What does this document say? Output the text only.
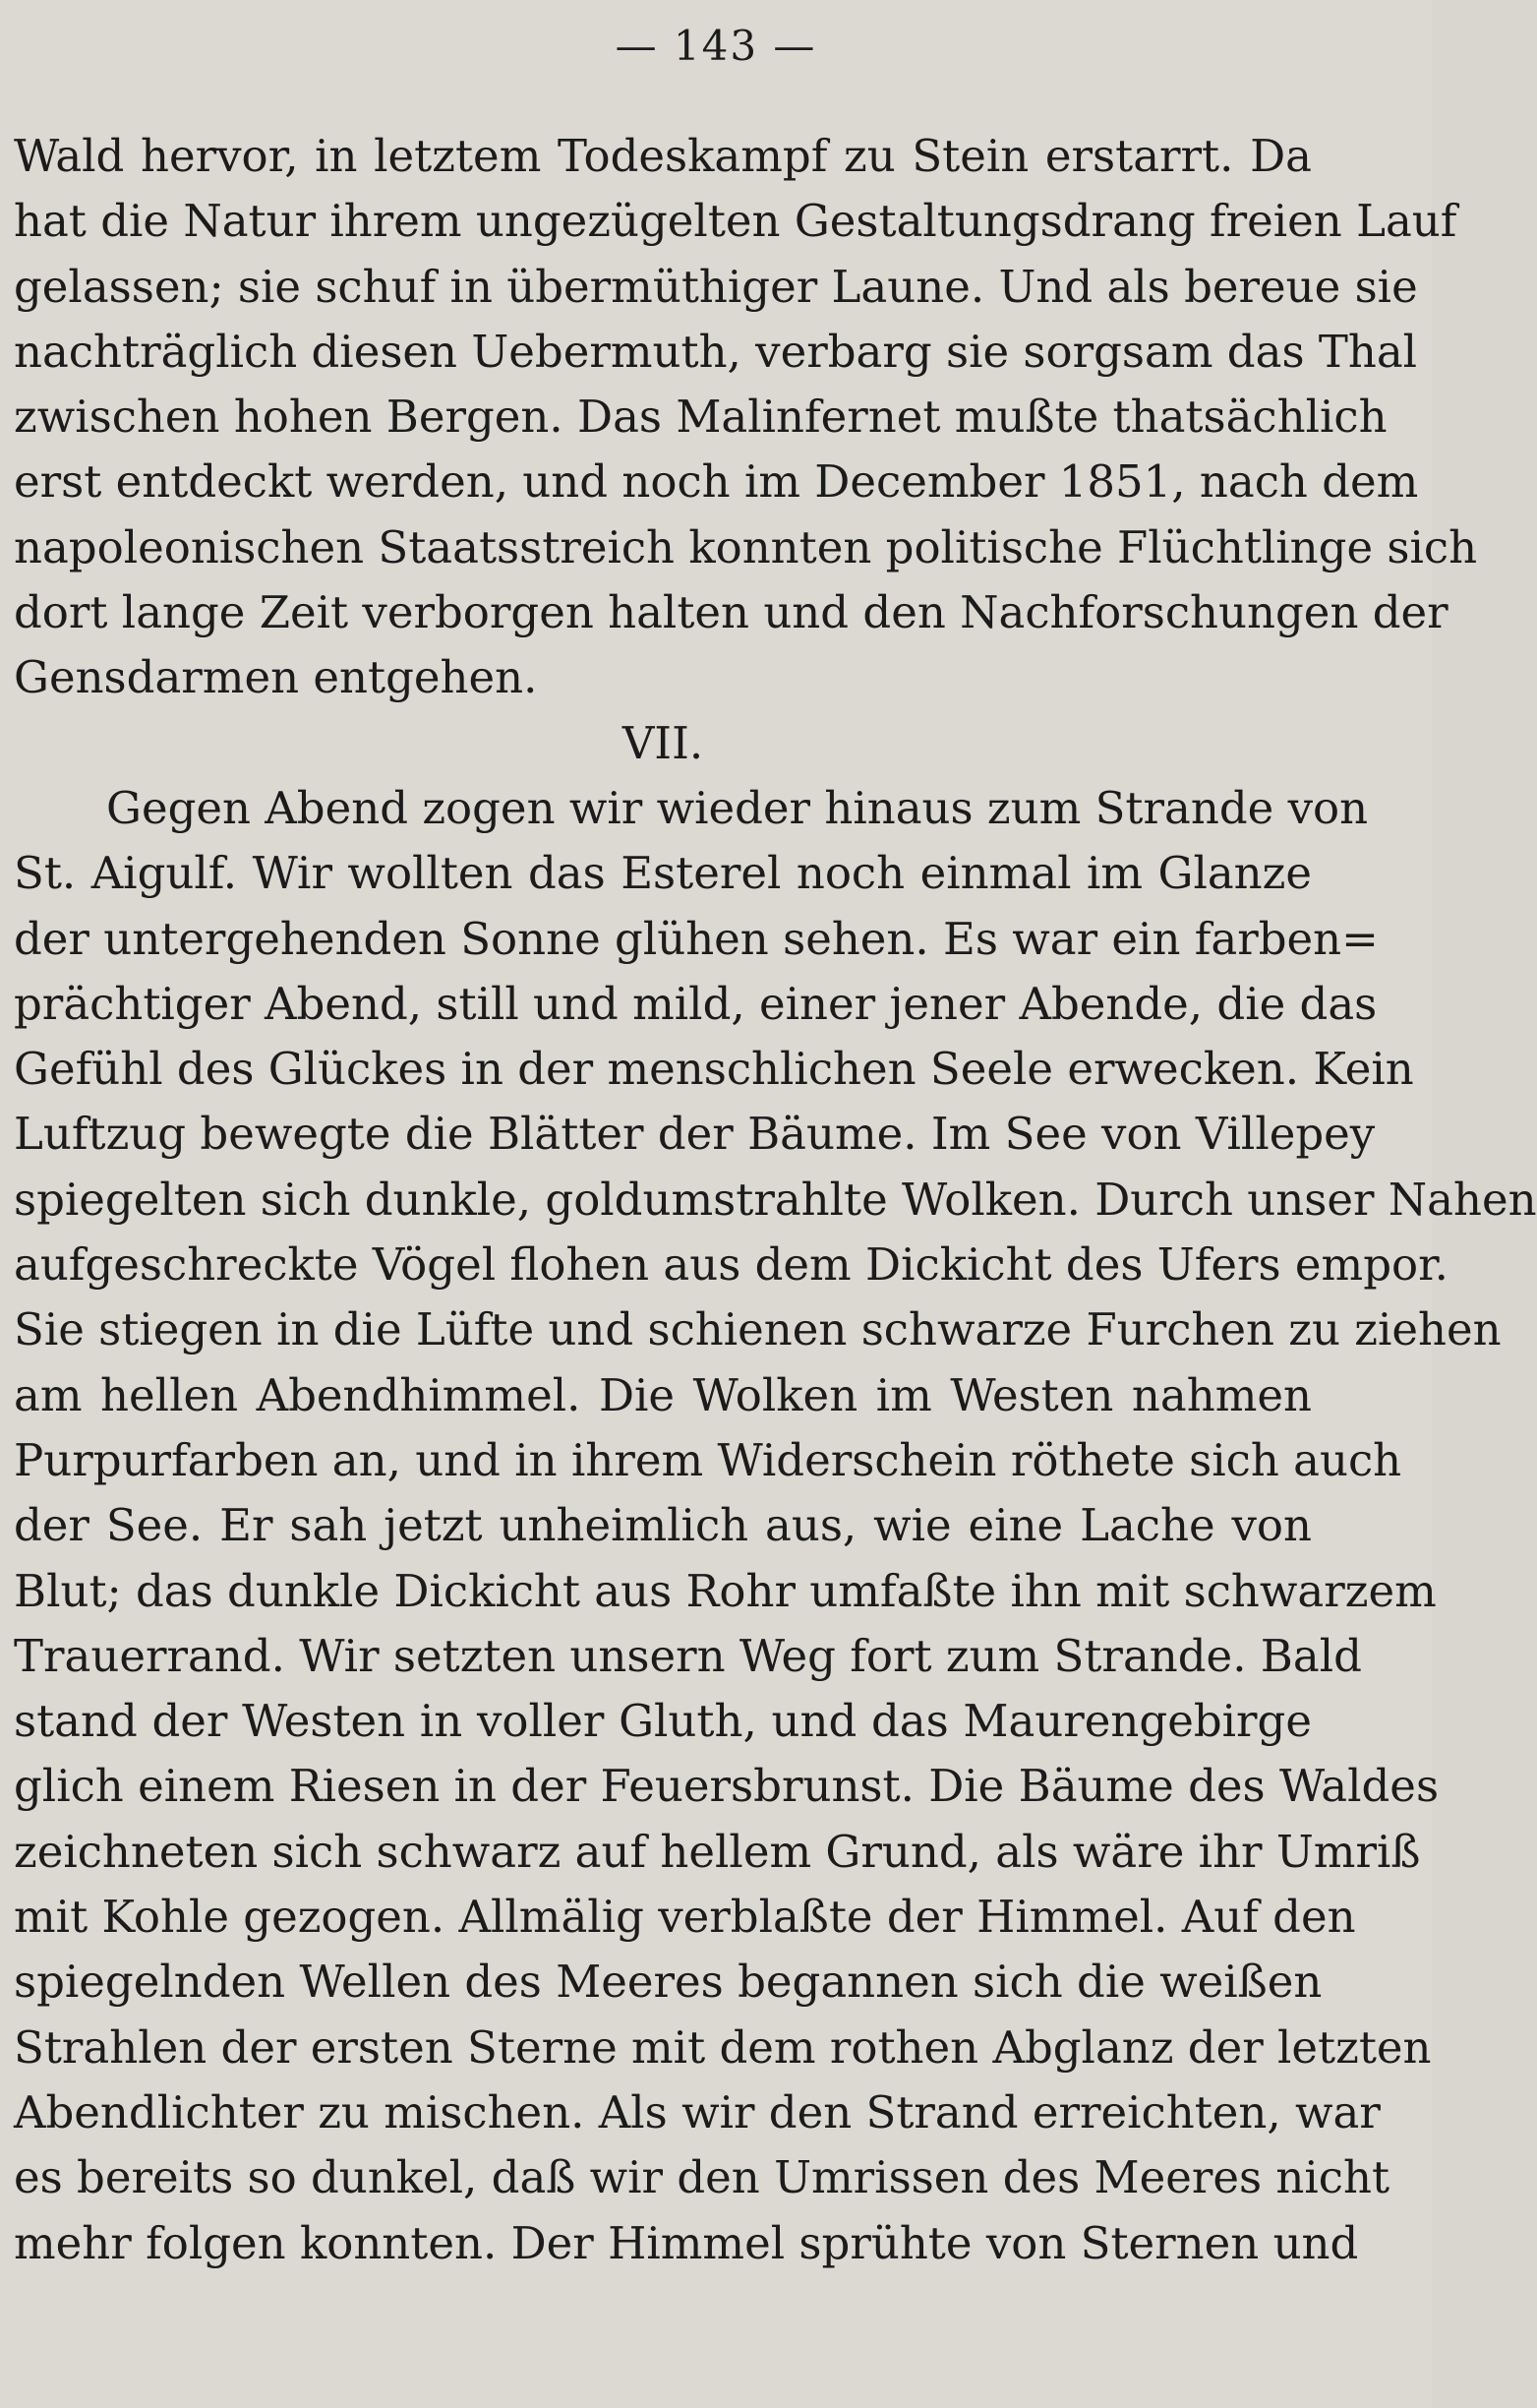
— 143 —
Wald hervor, in letztem Todeskampf zu Stein erstarrt. Da
hat die Natur ihrem ungezügelten Gestaltungsdrang freien Lauf
gelassen; sie schuf in übermüthiger Laune. Und als bereue sie
nachträglich diesen Uebermuth, verbarg sie sorgsam das Thal
zwischen hohen Bergen. Das Malinfernet mußte thatsächlich
erst entdeckt werden, und noch im December 1851, nach dem
napoleonischen Staatsstreich konnten politische Flüchtlinge sich
dort lange Zeit verborgen halten und den Nachforschungen der
Gensdarmen entgehen.
VII.
Gegen Abend zogen wir wieder hinaus zum Strande von
St. Aigulf. Wir wollten das Esterel noch einmal im Glanze
der untergehenden Sonne glühen sehen. Es war ein farben=
prächtiger Abend, still und mild, einer jener Abende, die das
Gefühl des Glückes in der menschlichen Seele erwecken. Kein
Luftzug bewegte die Blätter der Bäume. Im See von Villepey
spiegelten sich dunkle, goldumstrahlte Wolken. Durch unser Nahen
aufgeschreckte Vögel flohen aus dem Dickicht des Ufers empor.
Sie stiegen in die Lüfte und schienen schwarze Furchen zu ziehen
am hellen Abendhimmel. Die Wolken im Westen nahmen
Purpurfarben an, und in ihrem Widerschein röthete sich auch
der See. Er sah jetzt unheimlich aus, wie eine Lache von
Blut; das dunkle Dickicht aus Rohr umfaßte ihn mit schwarzem
Trauerrand. Wir setzten unsern Weg fort zum Strande. Bald
stand der Westen in voller Gluth, und das Maurengebirge
glich einem Riesen in der Feuersbrunst. Die Bäume des Waldes
zeichneten sich schwarz auf hellem Grund, als wäre ihr Umriß
mit Kohle gezogen. Allmälig verblaßte der Himmel. Auf den
spiegelnden Wellen des Meeres begannen sich die weißen
Strahlen der ersten Sterne mit dem rothen Abglanz der letzten
Abendlichter zu mischen. Als wir den Strand erreichten, war
es bereits so dunkel, daß wir den Umrissen des Meeres nicht
mehr folgen konnten. Der Himmel sprühte von Sternen und
